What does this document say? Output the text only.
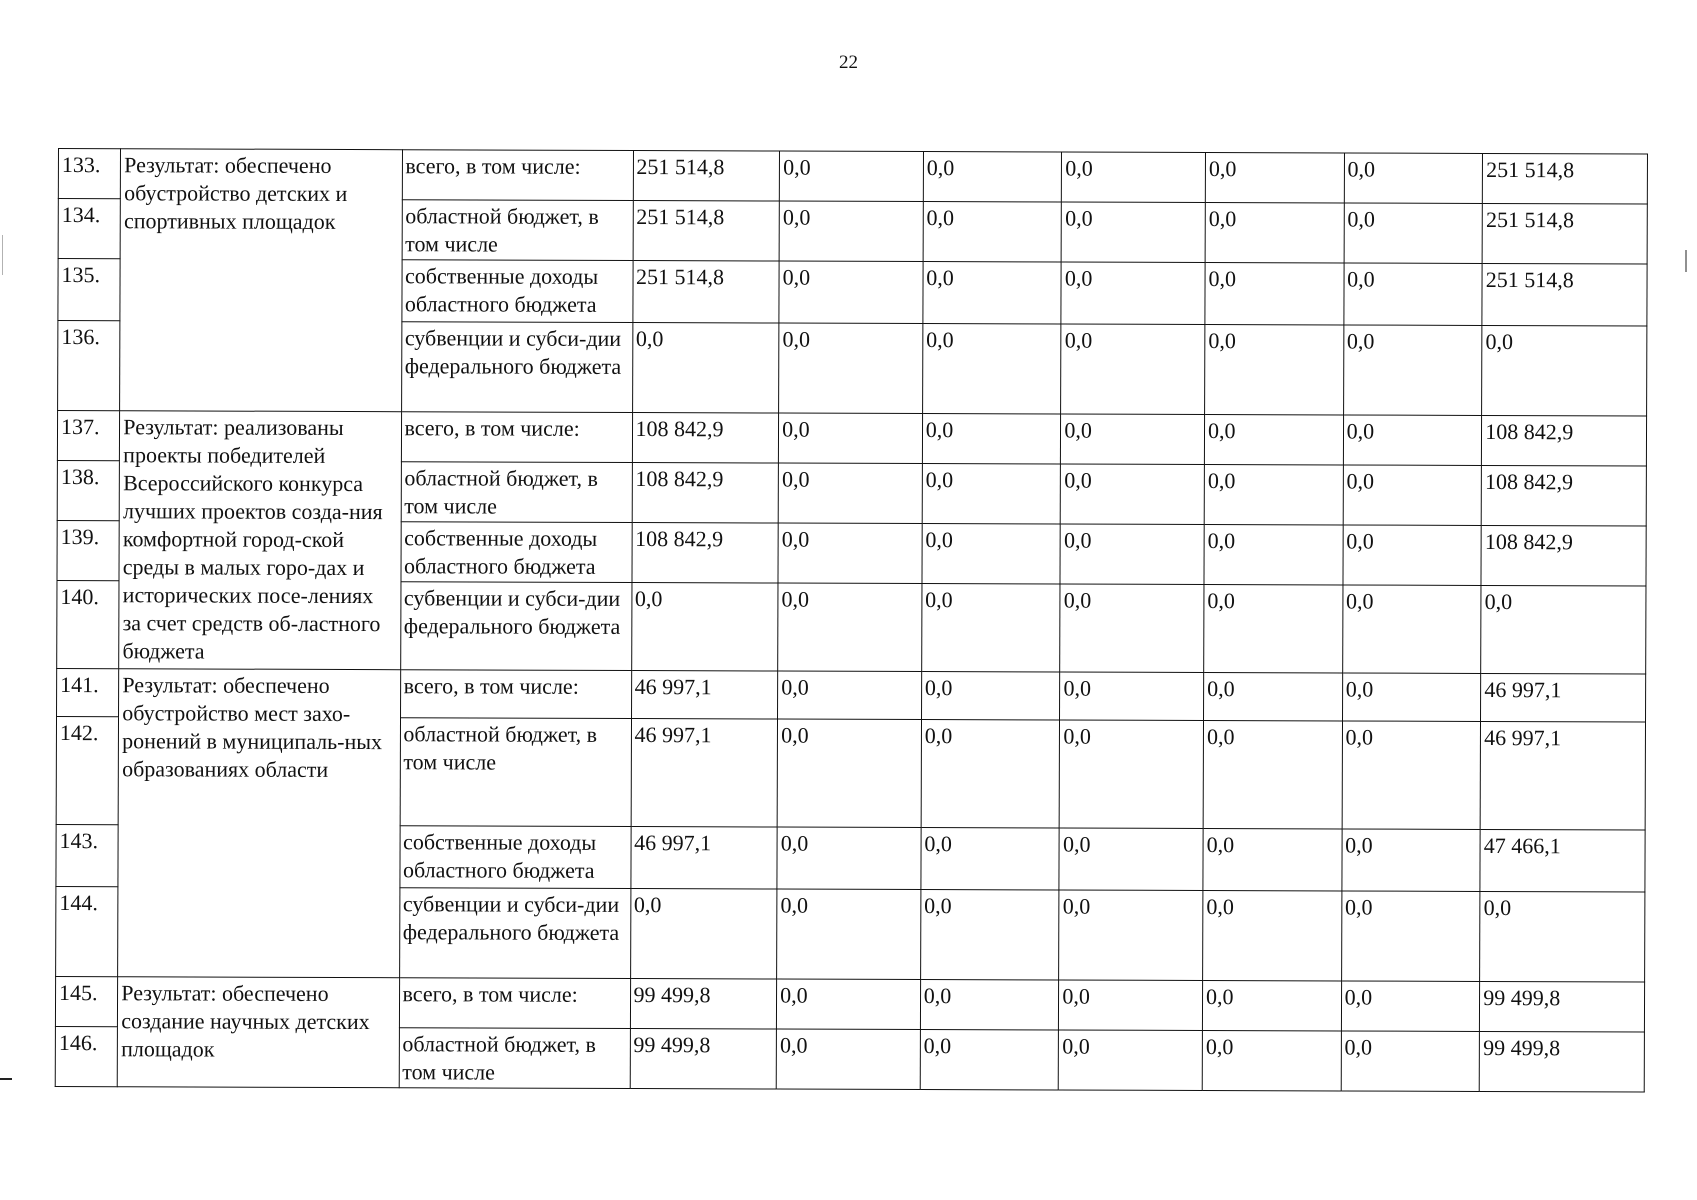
22
133.	Результат: обеспечено обустройство детских и спортивных площадок	всего, в том числе:	251 514,8	0,0	0,0	0,0	0,0	0,0	251 514,8
134.		областной бюджет, в том числе	251 514,8	0,0	0,0	0,0	0,0	0,0	251 514,8
135.		собственные доходы областного бюджета	251 514,8	0,0	0,0	0,0	0,0	0,0	251 514,8
136.		субвенции и субси-дии федерального бюджета	0,0	0,0	0,0	0,0	0,0	0,0	0,0
137.	Результат: реализованы проекты победителей Всероссийского конкурса лучших проектов созда-ния комфортной город-ской среды в малых горо-дах и исторических посе-лениях за счет средств об-ластного бюджета	всего, в том числе:	108 842,9	0,0	0,0	0,0	0,0	0,0	108 842,9
138.		областной бюджет, в том числе	108 842,9	0,0	0,0	0,0	0,0	0,0	108 842,9
139.		собственные доходы областного бюджета	108 842,9	0,0	0,0	0,0	0,0	0,0	108 842,9
140.		субвенции и субси-дии федерального бюджета	0,0	0,0	0,0	0,0	0,0	0,0	0,0
141.	Результат: обеспечено обустройство мест захо-ронений в муниципаль-ных образованиях области	всего, в том числе:	46 997,1	0,0	0,0	0,0	0,0	0,0	46 997,1
142.		областной бюджет, в том числе	46 997,1	0,0	0,0	0,0	0,0	0,0	46 997,1
143.		собственные доходы областного бюджета	46 997,1	0,0	0,0	0,0	0,0	0,0	47 466,1
144.		субвенции и субси-дии федерального бюджета	0,0	0,0	0,0	0,0	0,0	0,0	0,0
145.	Результат: обеспечено создание научных детских площадок	всего, в том числе:	99 499,8	0,0	0,0	0,0	0,0	0,0	99 499,8
146.		областной бюджет, в том числе	99 499,8	0,0	0,0	0,0	0,0	0,0	99 499,8
